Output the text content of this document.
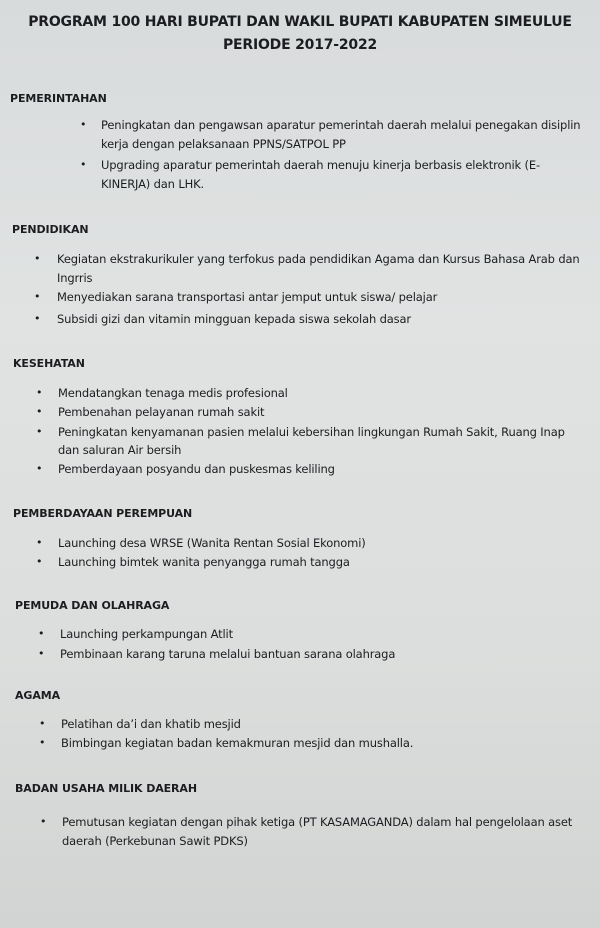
PROGRAM 100 HARI BUPATI DAN WAKIL BUPATI KABUPATEN SIMEULUE
PERIODE 2017-2022
PEMERINTAHAN
• Peningkatan dan pengawsan aparatur pemerintah daerah melalui penegakan disiplin
kerja dengan pelaksanaan PPNS/SATPOL PP
• Upgrading aparatur pemerintah daerah menuju kinerja berbasis elektronik (E-
KINERJA) dan LHK.
PENDIDIKAN
• Kegiatan ekstrakurikuler yang terfokus pada pendidikan Agama dan Kursus Bahasa Arab dan
Ingrris
• Menyediakan sarana transportasi antar jemput untuk siswa/ pelajar
• Subsidi gizi dan vitamin mingguan kepada siswa sekolah dasar
KESEHATAN
• Mendatangkan tenaga medis profesional
• Pembenahan pelayanan rumah sakit
• Peningkatan kenyamanan pasien melalui kebersihan lingkungan Rumah Sakit, Ruang Inap
dan saluran Air bersih
• Pemberdayaan posyandu dan puskesmas keliling
PEMBERDAYAAN PEREMPUAN
• Launching desa WRSE (Wanita Rentan Sosial Ekonomi)
• Launching bimtek wanita penyangga rumah tangga
PEMUDA DAN OLAHRAGA
• Launching perkampungan Atlit
• Pembinaan karang taruna melalui bantuan sarana olahraga
AGAMA
• Pelatihan da’i dan khatib mesjid
• Bimbingan kegiatan badan kemakmuran mesjid dan mushalla.
BADAN USAHA MILIK DAERAH
• Pemutusan kegiatan dengan pihak ketiga (PT KASAMAGANDA) dalam hal pengelolaan aset
daerah (Perkebunan Sawit PDKS)
